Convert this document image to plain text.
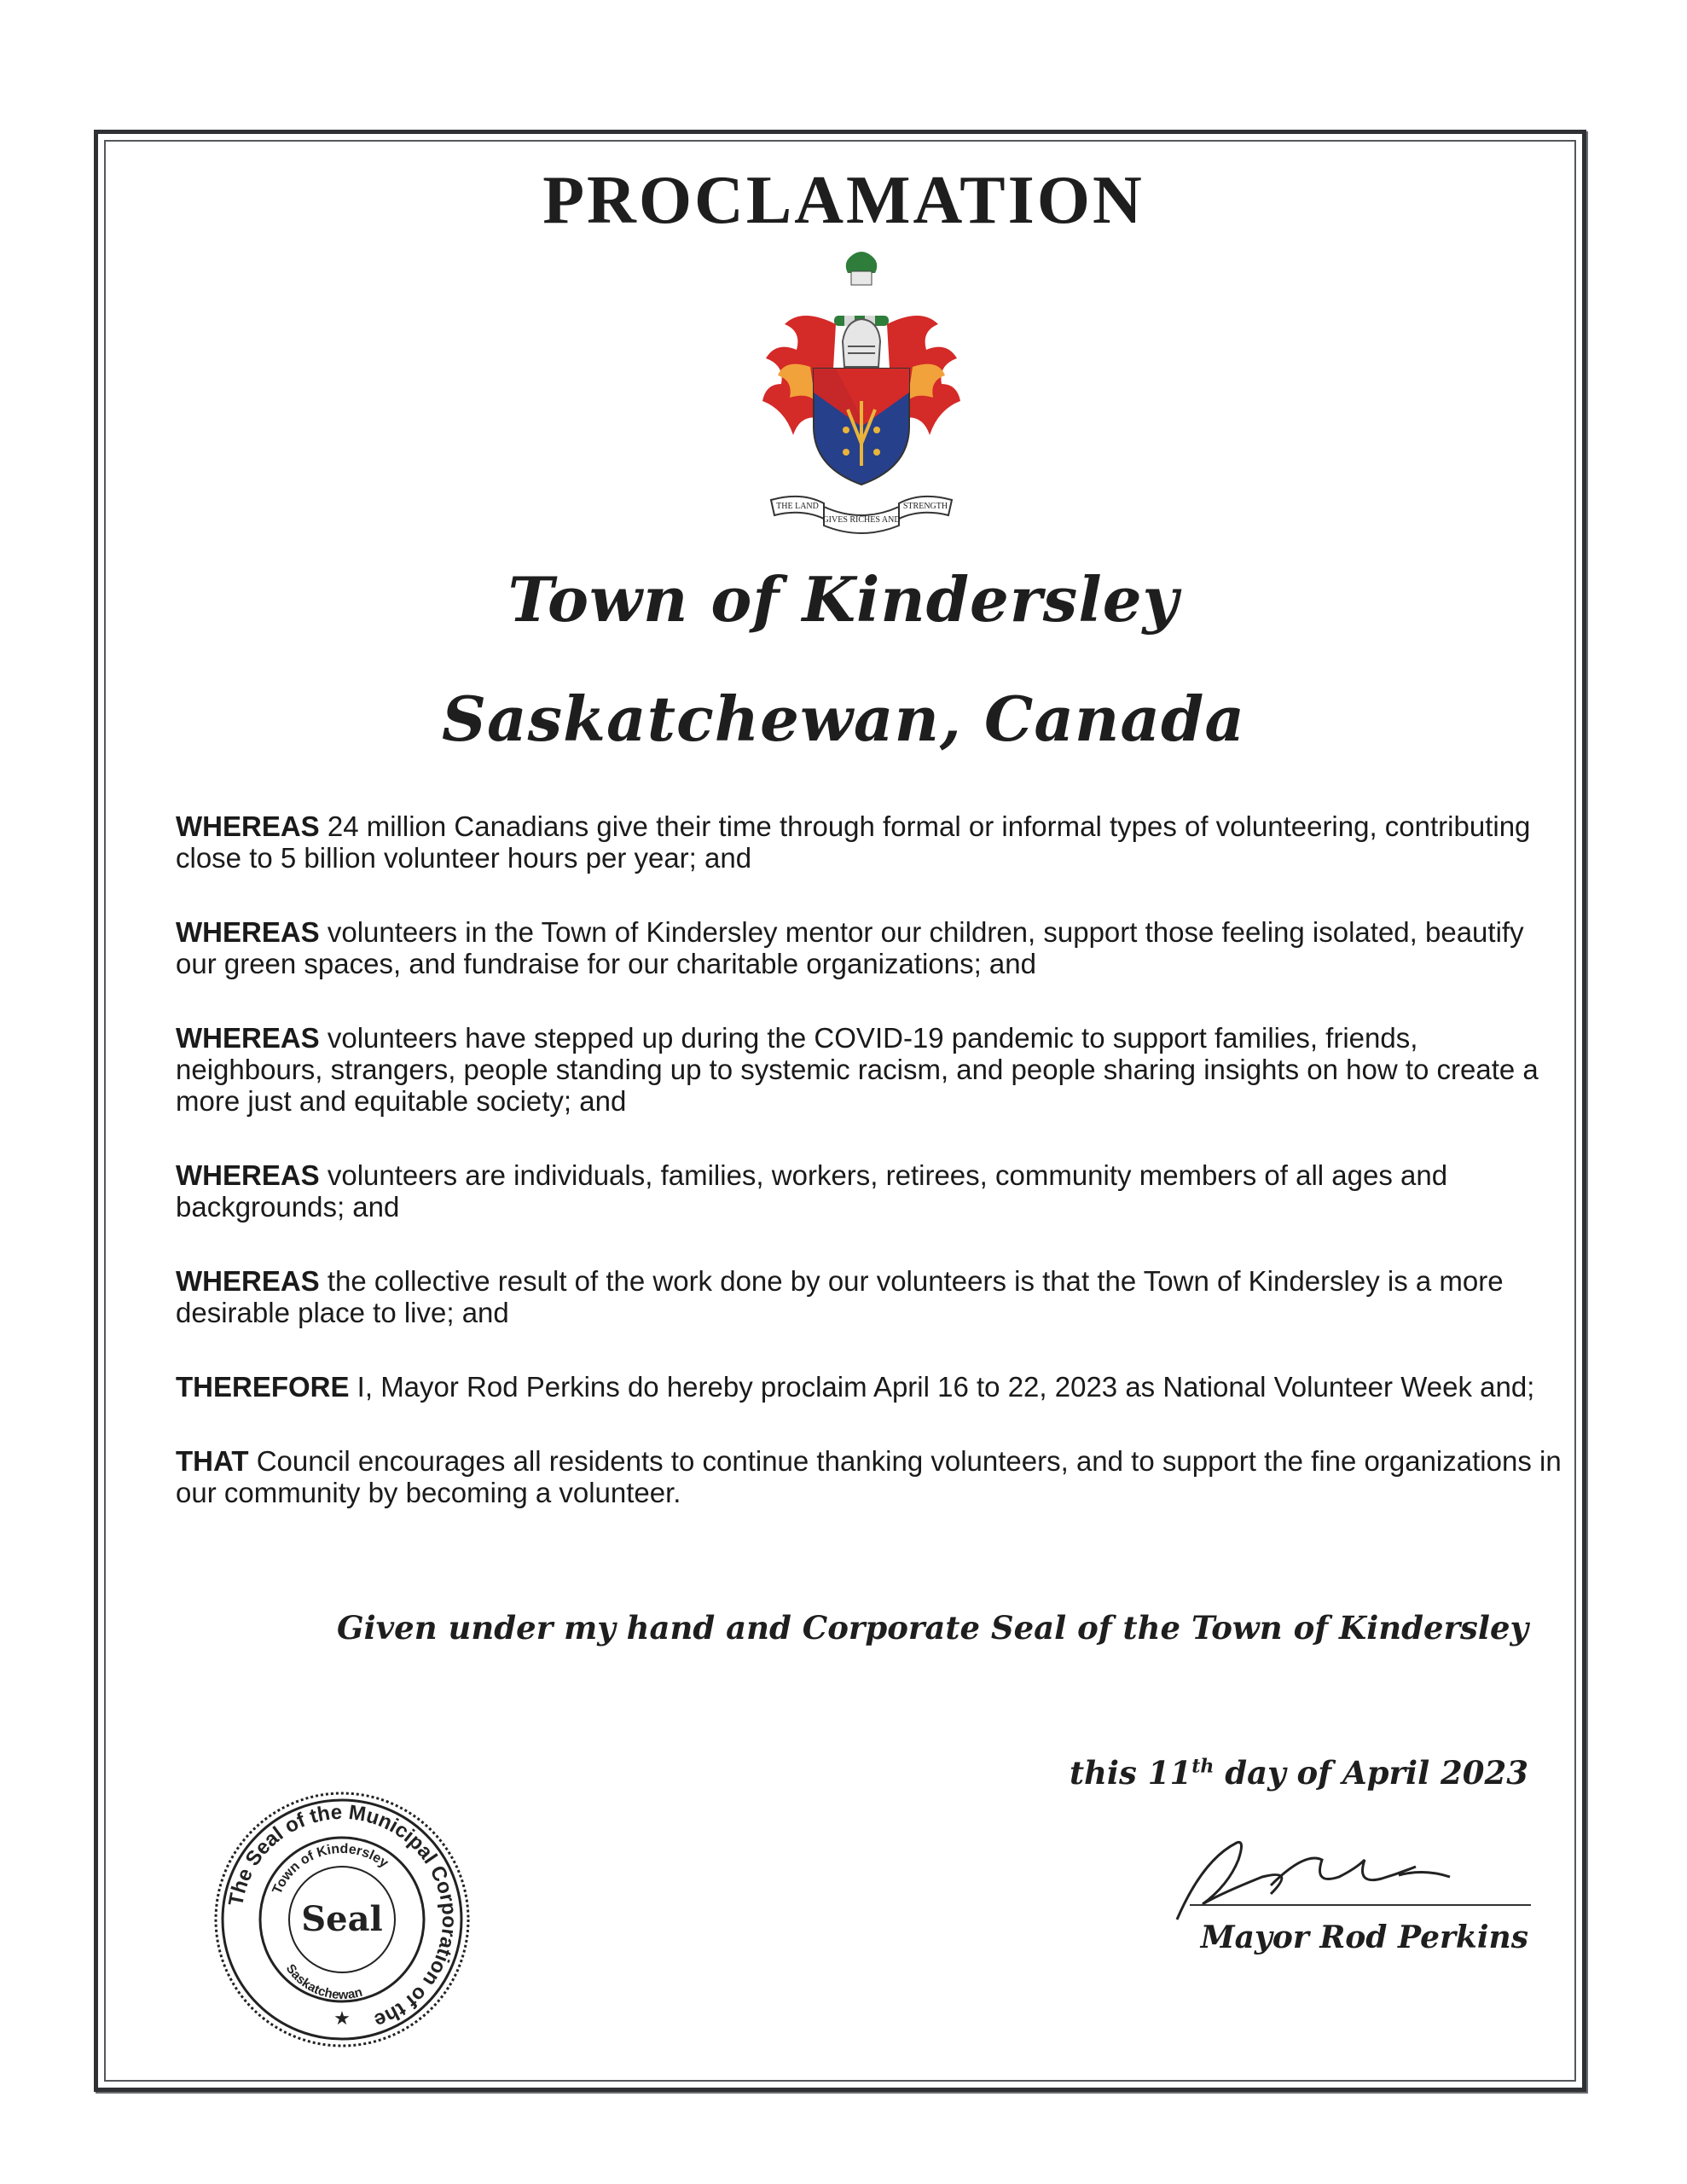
PROCLAMATION
THE LAND
GIVES RICHES AND
STRENGTH
Town of Kindersley
Saskatchewan, Canada

WHEREAS 24 million Canadians give their time through formal or informal types of volunteering, contributing close to 5 billion volunteer hours per year; and

WHEREAS volunteers in the Town of Kindersley mentor our children, support those feeling isolated, beautify our green spaces, and fundraise for our charitable organizations; and

WHEREAS volunteers have stepped up during the COVID-19 pandemic to support families, friends, neighbours, strangers, people standing up to systemic racism, and people sharing insights on how to create a more just and equitable society; and

WHEREAS volunteers are individuals, families, workers, retirees, community members of all ages and backgrounds; and

WHEREAS the collective result of the work done by our volunteers is that the Town of Kindersley is a more desirable place to live; and

THEREFORE I, Mayor Rod Perkins do hereby proclaim April 16 to 22, 2023 as National Volunteer Week and;

THAT Council encourages all residents to continue thanking volunteers, and to support the fine organizations in our community by becoming a volunteer.

Given under my hand and Corporate Seal of the Town of Kindersley
this 11th day of April 2023
Mayor Rod Perkins
The Seal of the Municipal Corporation of the
Town of Kindersley
Seal
Saskatchewan
★
